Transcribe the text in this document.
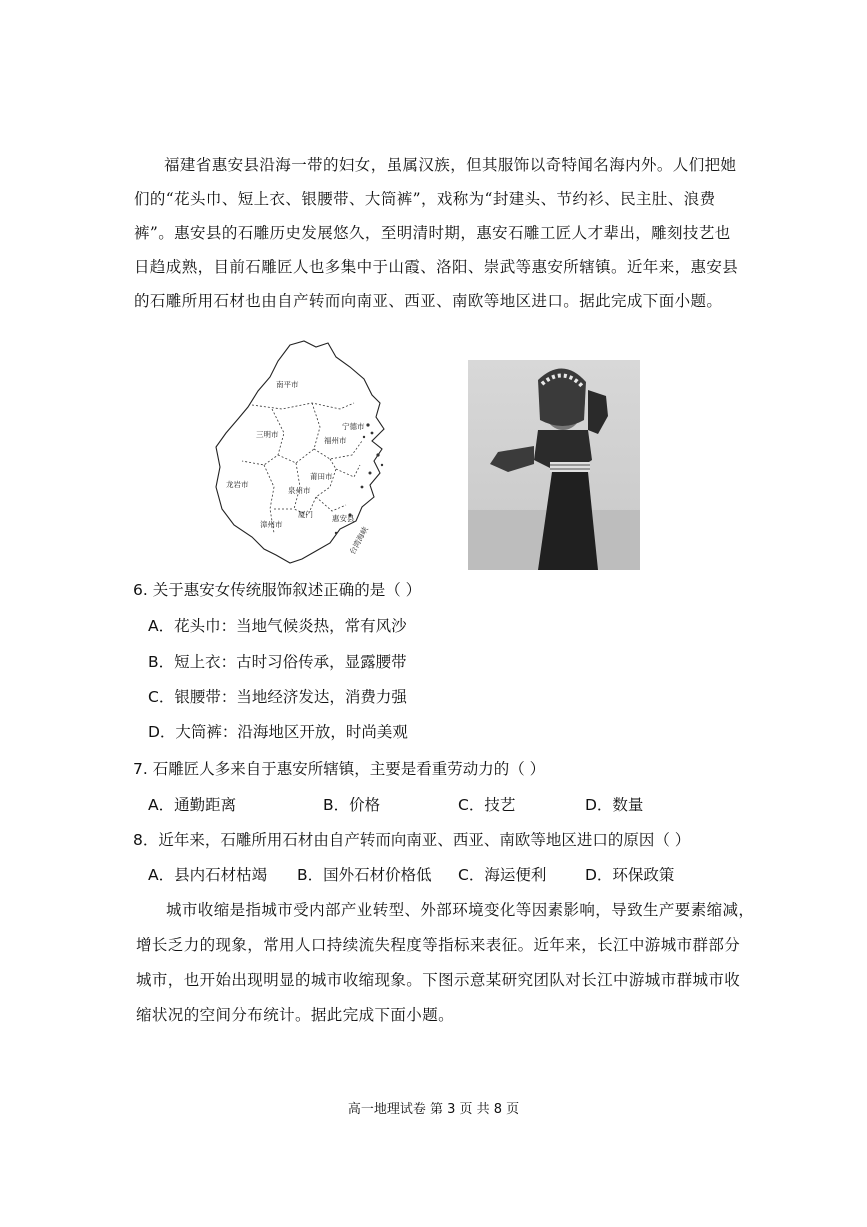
福建省惠安县沿海一带的妇女，虽属汉族，但其服饰以奇特闻名海内外。人们把她
们的“花头巾、短上衣、银腰带、大筒裤”，戏称为“封建头、节约衫、民主肚、浪费
裤”。惠安县的石雕历史发展悠久，至明清时期，惠安石雕工匠人才辈出，雕刻技艺也
日趋成熟，目前石雕匠人也多集中于山霞、洛阳、崇武等惠安所辖镇。近年来，惠安县
的石雕所用石材也由自产转而向南亚、西亚、南欧等地区进口。据此完成下面小题。
南平市
宁德市
三明市
福州市
莆田市
龙岩市
泉州市
漳州市
厦门	惠安县
台湾海峡
6. 关于惠安女传统服饰叙述正确的是（ ）
A．花头巾：当地气候炎热，常有风沙
B．短上衣：古时习俗传承，显露腰带
C．银腰带：当地经济发达，消费力强
D．大筒裤：沿海地区开放，时尚美观
7. 石雕匠人多来自于惠安所辖镇，主要是看重劳动力的（ ）
A．通勤距离	B．价格	C．技艺	D．数量
8．近年来，石雕所用石材由自产转而向南亚、西亚、南欧等地区进口的原因（ ）
A．县内石材枯竭 B．国外石材价格低 C．海运便利 D．环保政策
城市收缩是指城市受内部产业转型、外部环境变化等因素影响，导致生产要素缩减，
增长乏力的现象，常用人口持续流失程度等指标来表征。近年来，长江中游城市群部分
城市，也开始出现明显的城市收缩现象。下图示意某研究团队对长江中游城市群城市收
缩状况的空间分布统计。据此完成下面小题。
高一地理试卷 第 3 页 共 8 页
